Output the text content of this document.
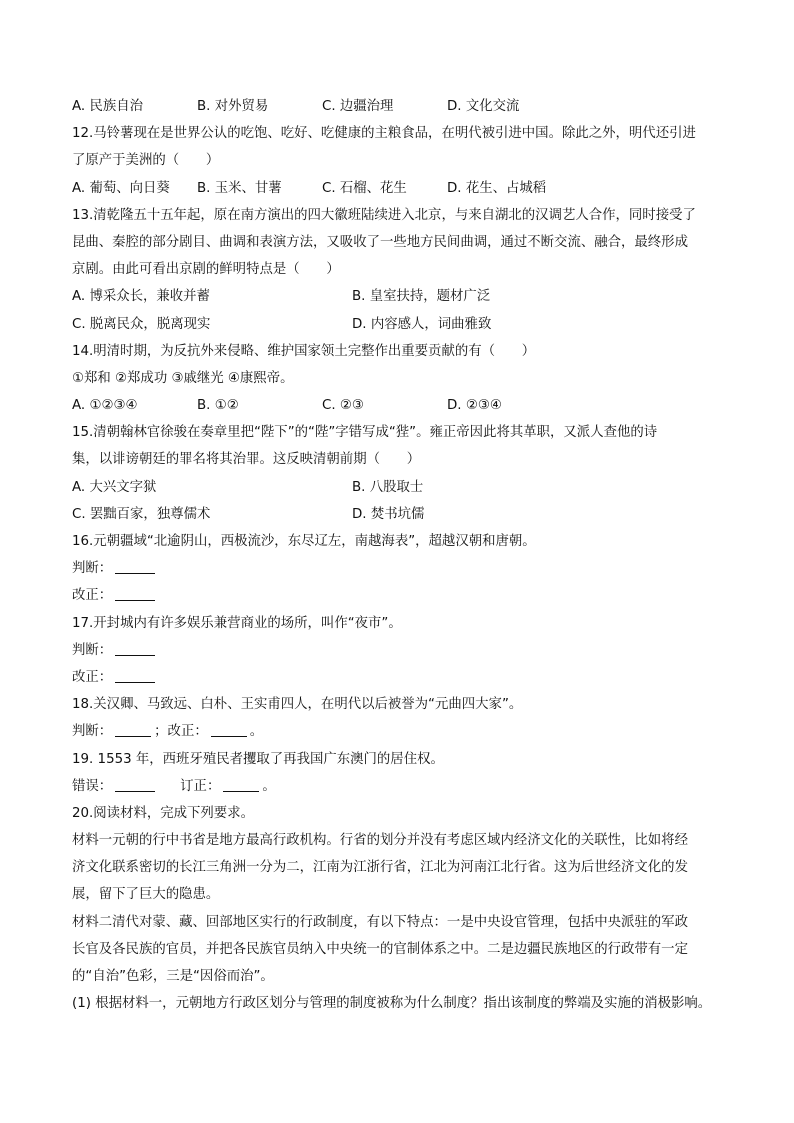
A. 民族自治	B. 对外贸易	C. 边疆治理	D. 文化交流
12.马铃薯现在是世界公认的吃饱、吃好、吃健康的主粮食品，在明代被引进中国。除此之外，明代还引进
了原产于美洲的（　　）
A. 葡萄、向日葵	B. 玉米、甘薯	C. 石榴、花生	D. 花生、占城稻
13.清乾隆五十五年起，原在南方演出的四大徽班陆续进入北京，与来自湖北的汉调艺人合作，同时接受了
昆曲、秦腔的部分剧目、曲调和表演方法，又吸收了一些地方民间曲调，通过不断交流、融合，最终形成
京剧。由此可看出京剧的鲜明特点是（　　）
A. 博采众长，兼收并蓄	B. 皇室扶持，题材广泛
C. 脱离民众，脱离现实	D. 内容感人，词曲雅致
14.明清时期，为反抗外来侵略、维护国家领土完整作出重要贡献的有（　　）
①郑和 ②郑成功 ③戚继光 ④康熙帝。
A. ①②③④	B. ①②	C. ②③	D. ②③④
15.清朝翰林官徐骏在奏章里把“陛下”的“陛”字错写成“狴”。雍正帝因此将其革职，又派人查他的诗
集，以诽谤朝廷的罪名将其治罪。这反映清朝前期（　　）
A. 大兴文字狱	B. 八股取士
C. 罢黜百家，独尊儒术	D. 焚书坑儒
16.元朝疆域“北逾阴山，西极流沙，东尽辽左，南越海表”，超越汉朝和唐朝。
判断：
改正：
17.开封城内有许多娱乐兼营商业的场所，叫作“夜市”。
判断：
改正：
18.关汉卿、马致远、白朴、王实甫四人，在明代以后被誉为“元曲四大家”。
判断：	；改正：	。
19. 1553 年，西班牙殖民者攫取了再我国广东澳门的居住权。
错误：	订正：	。
20.阅读材料，完成下列要求。
材料一元朝的行中书省是地方最高行政机构。行省的划分并没有考虑区域内经济文化的关联性，比如将经
济文化联系密切的长江三角洲一分为二，江南为江浙行省，江北为河南江北行省。这为后世经济文化的发
展，留下了巨大的隐患。
材料二清代对蒙、藏、回部地区实行的行政制度，有以下特点：一是中央设官管理，包括中央派驻的军政
长官及各民族的官员，并把各民族官员纳入中央统一的官制体系之中。二是边疆民族地区的行政带有一定
的“自治”色彩，三是“因俗而治”。
(1) 根据材料一，元朝地方行政区划分与管理的制度被称为什么制度？指出该制度的弊端及实施的消极影响。
